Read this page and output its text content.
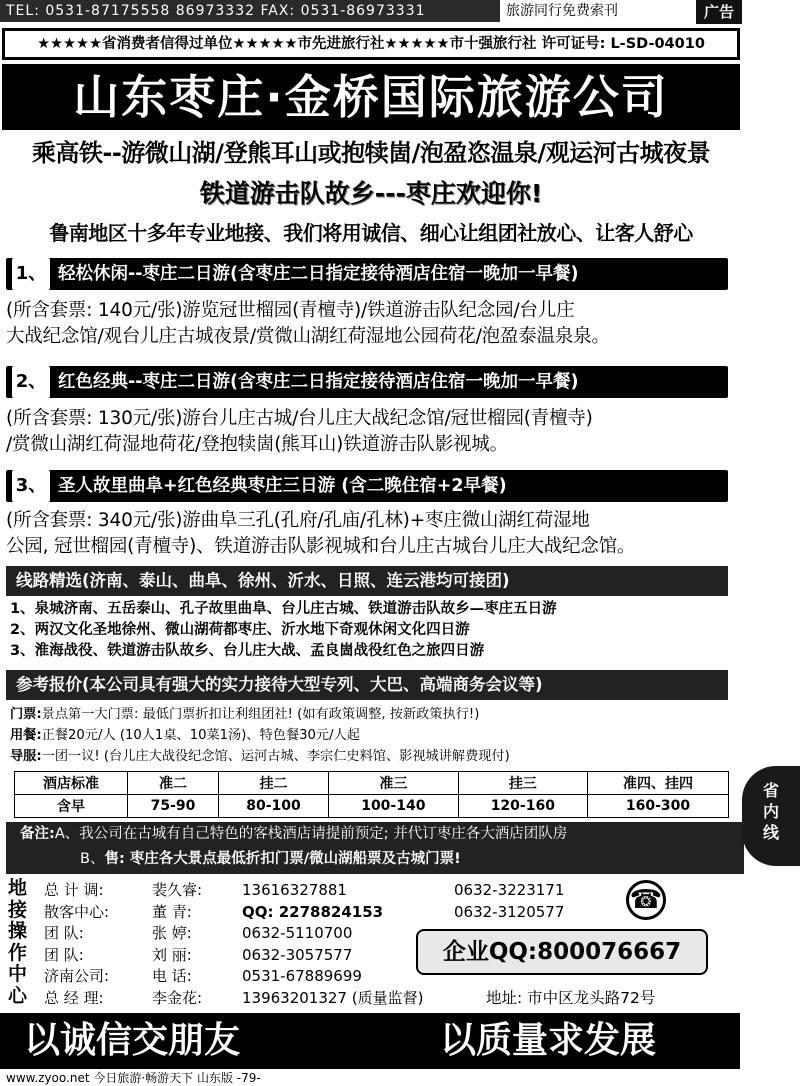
TEL: 0531-87175558 86973332 FAX: 0531-86973331	旅游同行免费索刊	广告
★★★★★省消费者信得过单位★★★★★市先进旅行社★★★★★市十强旅行社 许可证号: L-SD-04010
山东枣庄·金桥国际旅游公司
乘高铁--游微山湖/登熊耳山或抱犊崮/泡盈恣温泉/观运河古城夜景
铁道游击队故乡---枣庄欢迎你!
鲁南地区十多年专业地接、我们将用诚信、细心让组团社放心、让客人舒心
1、 轻松休闲--枣庄二日游(含枣庄二日指定接待酒店住宿一晚加一早餐)
(所含套票: 140元/张)游览冠世榴园(青檀寺)/铁道游击队纪念园/台儿庄
大战纪念馆/观台儿庄古城夜景/赏微山湖红荷湿地公园荷花/泡盈泰温泉泉。
2、 红色经典--枣庄二日游(含枣庄二日指定接待酒店住宿一晚加一早餐)
(所含套票: 130元/张)游台儿庄古城/台儿庄大战纪念馆/冠世榴园(青檀寺)
/赏微山湖红荷湿地荷花/登抱犊崮(熊耳山)铁道游击队影视城。
3、 圣人故里曲阜+红色经典枣庄三日游 (含二晚住宿+2早餐)
(所含套票: 340元/张)游曲阜三孔(孔府/孔庙/孔林)+枣庄微山湖红荷湿地
公园, 冠世榴园(青檀寺)、铁道游击队影视城和台儿庄古城台儿庄大战纪念馆。
线路精选(济南、泰山、曲阜、徐州、沂水、日照、连云港均可接团)
1、泉城济南、五岳泰山、孔子故里曲阜、台儿庄古城、铁道游击队故乡—枣庄五日游
2、两汉文化圣地徐州、微山湖荷都枣庄、沂水地下奇观休闲文化四日游
3、淮海战役、铁道游击队故乡、台儿庄大战、孟良崮战役红色之旅四日游
参考报价(本公司具有强大的实力接待大型专列、大巴、高端商务会议等)
门票:景点第一大门票: 最低门票折扣让利组团社! (如有政策调整, 按新政策执行!)
用餐:正餐20元/人 (10人1桌、10菜1汤)、特色餐30元/人起
导服:一团一议! (台儿庄大战役纪念馆、运河古城、李宗仁史料馆、影视城讲解费现付)
酒店标准	准二	挂二	准三	挂三	准四、挂四
含早	75-90	80-100	100-140	120-160	160-300
备注:A、我公司在古城有自己特色的客栈酒店请提前预定; 并代订枣庄各大酒店团队房
B、售: 枣庄各大景点最低折扣门票/微山湖船票及古城门票!
地
接
操
作
中
心
总 计 调:	裴久睿:	13616327881	0632-3223171
散客中心:	董 青:	QQ: 2278824153	0632-3120577
团 队:	张 婷:	0632-5110700
团 队:	刘 丽:	0632-3057577
济南公司:	电 话:	0531-67889699
总 经 理:	李金花:	13963201327 (质量监督)
☎
企业QQ:800076667
地址: 市中区龙头路72号
以诚信交朋友	以质量求发展
www.zyoo.net 今日旅游·畅游天下 山东版 -79-
省内线
